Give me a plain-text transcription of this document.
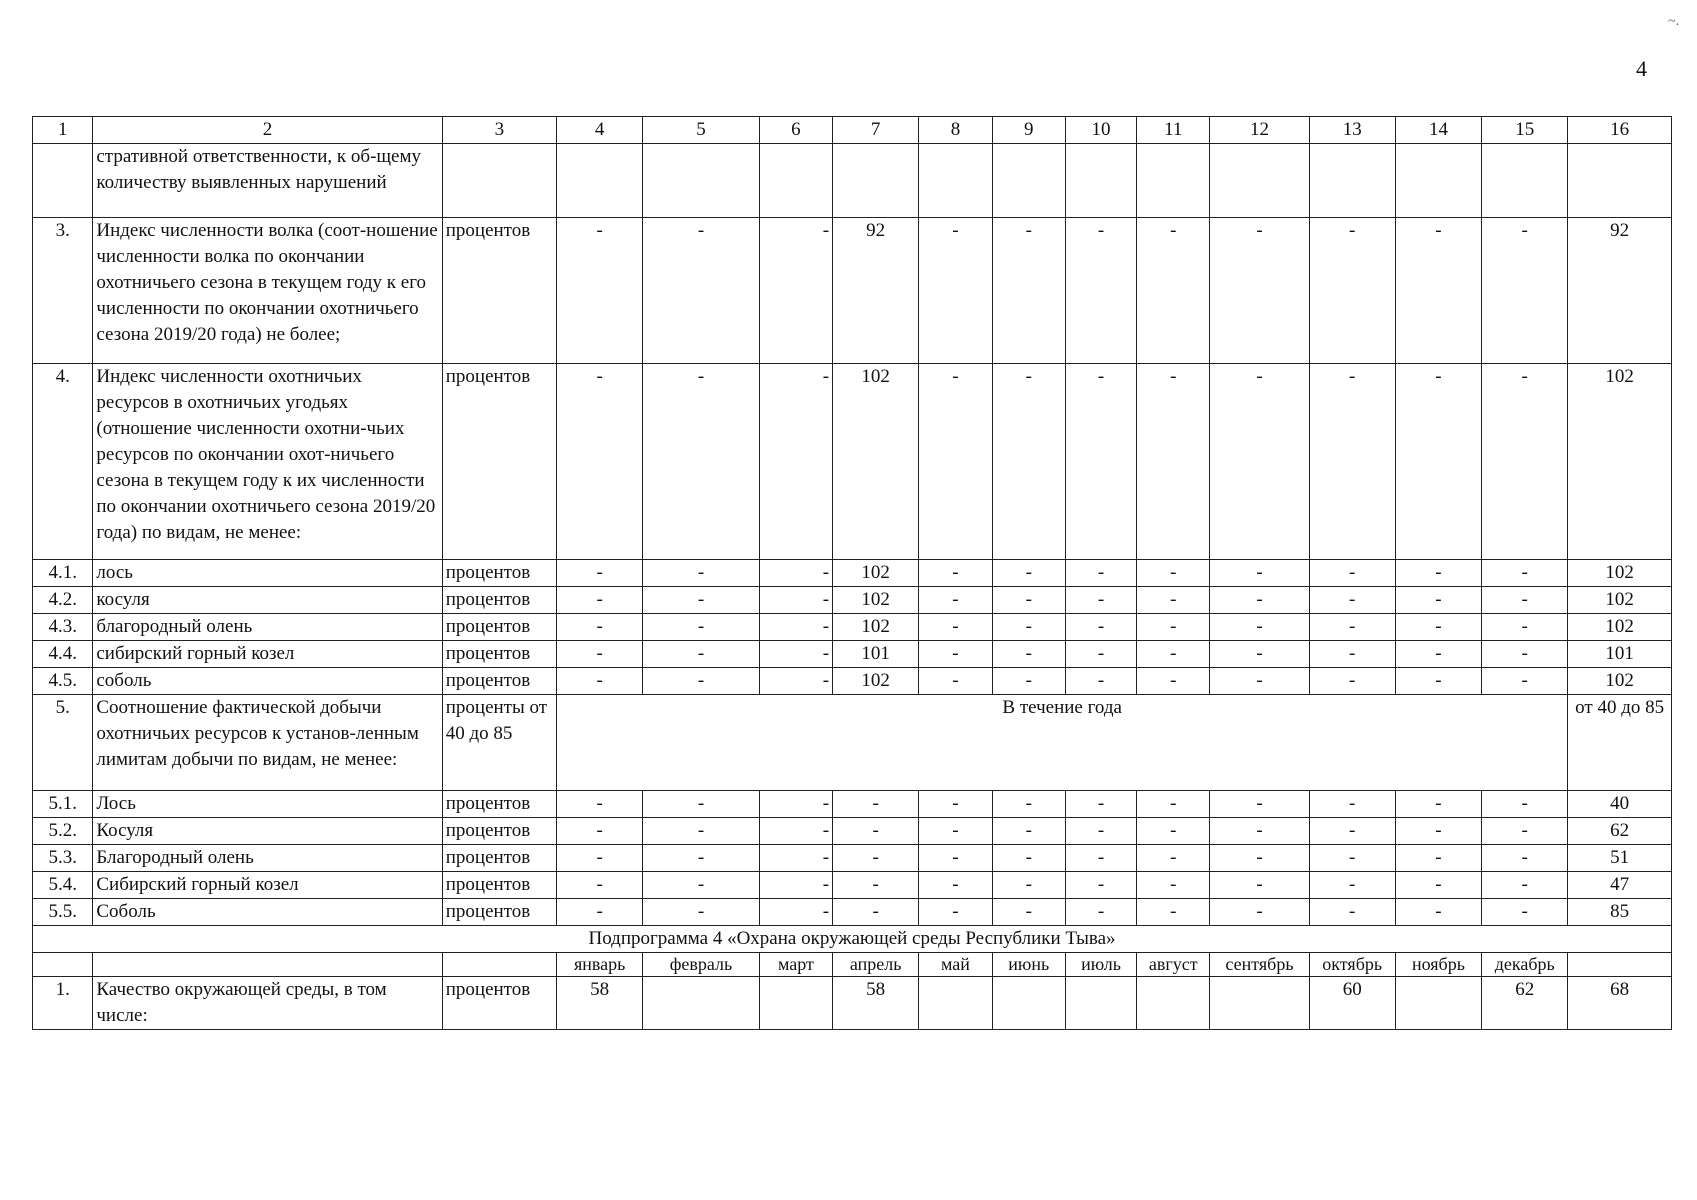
4
~.
1	2	3	4	5	6	7	8	9	10	11	12	13	14	15	16
	стративной ответственности, к об-щему количеству выявленных нарушений														
3.	Индекс численности волка (соот-ношение численности волка по окончании охотничьего сезона в текущем году к его численности по окончании охотничьего сезона 2019/20 года) не более;	процентов	-	-	-	92	-	-	-	-	-	-	-	-	92
4.	Индекс численности охотничьих ресурсов в охотничьих угодьях (отношение численности охотни-чьих ресурсов по окончании охот-ничьего сезона в текущем году к их численности по окончании охотничьего сезона 2019/20 года) по видам, не менее:	процентов	-	-	-	102	-	-	-	-	-	-	-	-	102
4.1.	лось	процентов	-	-	-	102	-	-	-	-	-	-	-	-	102
4.2.	косуля	процентов	-	-	-	102	-	-	-	-	-	-	-	-	102
4.3.	благородный олень	процентов	-	-	-	102	-	-	-	-	-	-	-	-	102
4.4.	сибирский горный козел	процентов	-	-	-	101	-	-	-	-	-	-	-	-	101
4.5.	соболь	процентов	-	-	-	102	-	-	-	-	-	-	-	-	102
5.	Соотношение фактической добычи охотничьих ресурсов к установ-ленным лимитам добычи по видам, не менее:	проценты от 40 до 85	В течение года												от 40 до 85
5.1.	Лось	процентов	-	-	-	-	-	-	-	-	-	-	-	-	40
5.2.	Косуля	процентов	-	-	-	-	-	-	-	-	-	-	-	-	62
5.3.	Благородный олень	процентов	-	-	-	-	-	-	-	-	-	-	-	-	51
5.4.	Сибирский горный козел	процентов	-	-	-	-	-	-	-	-	-	-	-	-	47
5.5.	Соболь	процентов	-	-	-	-	-	-	-	-	-	-	-	-	85
Подпрограмма 4 «Охрана окружающей среды Республики Тыва»															
			январь	февраль	март	апрель	май	июнь	июль	август	сентябрь	октябрь	ноябрь	декабрь	
1.	Качество окружающей среды, в том числе:	процентов	58			58						60		62	68
